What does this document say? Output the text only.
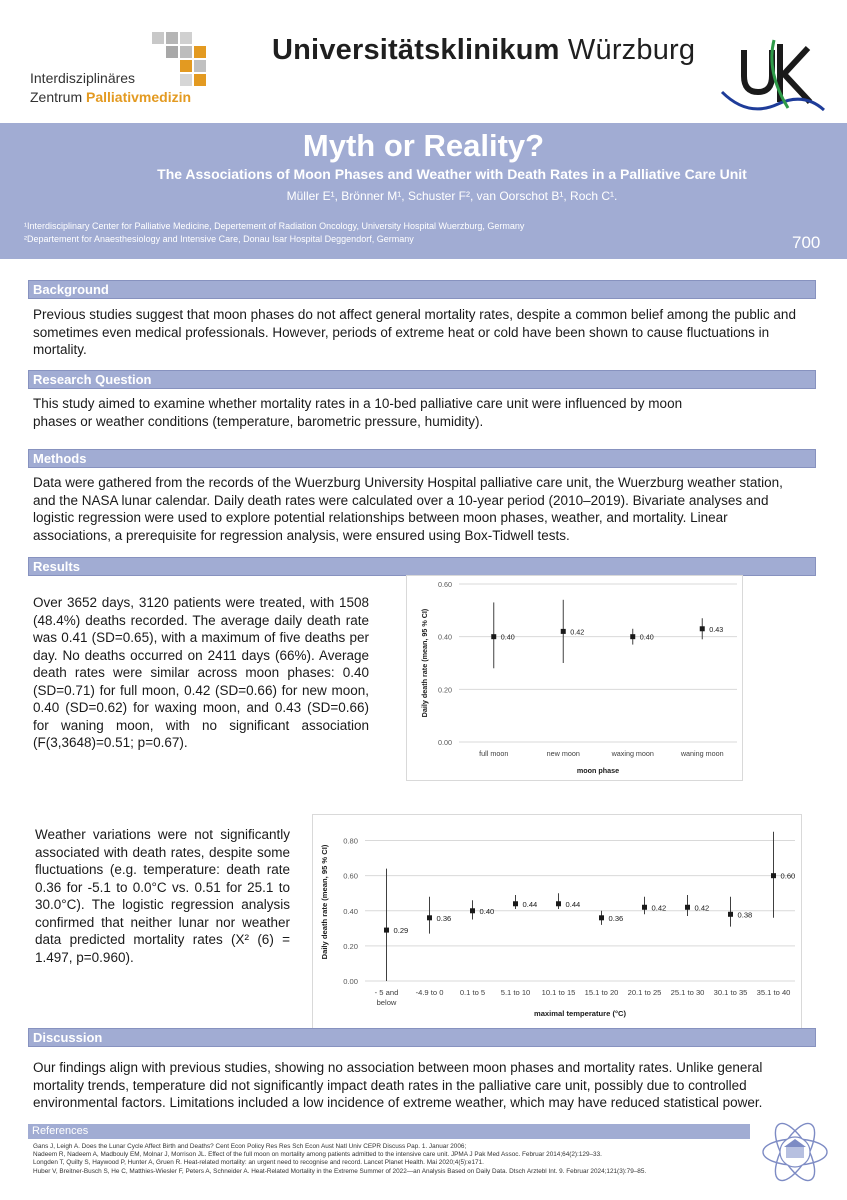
Interdisziplinäres
Zentrum Palliativmedizin
Universitätsklinikum Würzburg
Myth or Reality?
The Associations of Moon Phases and Weather with Death Rates in a Palliative Care Unit
Müller E¹, Brönner M¹, Schuster F², van Oorschot B¹, Roch C¹.
¹Interdisciplinary Center for Palliative Medicine, Depertement of Radiation Oncology, University Hospital Wuerzburg, Germany
²Departement for Anaesthesiology and Intensive Care, Donau Isar Hospital Deggendorf, Germany	700
Background
Previous studies suggest that moon phases do not affect general mortality rates, despite a common belief among the public and sometimes even medical professionals. However, periods of extreme heat or cold have been shown to cause fluctuations in mortality.
Research Question
This study aimed to examine whether mortality rates in a 10-bed palliative care unit were influenced by moon phases or weather conditions (temperature, barometric pressure, humidity).
Methods
Data were gathered from the records of the Wuerzburg University Hospital palliative care unit, the Wuerzburg weather station, and the NASA lunar calendar. Daily death rates were calculated over a 10-year period (2010–2019). Bivariate analyses and logistic regression were used to explore potential relationships between moon phases, weather, and mortality. Linear associations, a prerequisite for regression analysis, were ensured using Box-Tidwell tests.
Results
Over 3652 days, 3120 patients were treated, with 1508 (48.4%) deaths recorded. The average daily death rate was 0.41 (SD=0.65), with a maximum of five deaths per day. No deaths occurred on 2411 days (66%). Average death rates were similar across moon phases: 0.40 (SD=0.71) for full moon, 0.42 (SD=0.66) for new moon, 0.40 (SD=0.62) for waxing moon, and 0.43 (SD=0.66) for waning moon, with no significant association (F(3,3648)=0.51; p=0.67).	0.00
0.20
0.40
0.60
full moon	new moon	waxing moon	waning moon
0.40
0.42
0.40
0.43
moon phase
Daily death rate (mean, 95 % CI)
Weather variations were not significantly associated with death rates, despite some fluctuations (e.g. temperature: death rate 0.36 for -5.1 to 0.0°C vs. 0.51 for 25.1 to 30.0°C). The logistic regression analysis confirmed that neither lunar nor weather data predicted mortality rates (X² (6) = 1.497, p=0.960).
0.00
0.20
0.40
0.60
0.80
- 5 and
below
-4.9 to 0 0.1 to 5 5.1 to 10 10.1 to 15 15.1 to 20 20.1 to 25 25.1 to 30 30.1 to 35 35.1 to 40
0.29
0.36
0.40
0.44	0.44
0.36
0.42	0.42
0.38
0.60
maximal temperature (°C)
Daily death rate (mean, 95 % CI)
Discussion
Our findings align with previous studies, showing no association between moon phases and mortality rates. Unlike general mortality trends, temperature did not significantly impact death rates in the palliative care unit, possibly due to controlled environmental factors. Limitations included a low incidence of extreme weather, which may have reduced statistical power.
References
Gans J, Leigh A. Does the Lunar Cycle Affect Birth and Deaths? Cent Econ Policy Res Res Sch Econ Aust Natl Univ CEPR Discuss Pap. 1. Januar 2006;
Nadeem R, Nadeem A, Madbouly EM, Molnar J, Morrison JL. Effect of the full moon on mortality among patients admitted to the intensive care unit. JPMA J Pak Med Assoc. Februar 2014;64(2):129–33.
Longden T, Quilty S, Haywood P, Hunter A, Gruen R. Heat-related mortality: an urgent need to recognise and record. Lancet Planet Health. Mai 2020;4(5):e171.
Huber V, Breitner-Busch S, He C, Matthies-Wiesler F, Peters A, Schneider A. Heat-Related Mortality in the Extreme Summer of 2022—an Analysis Based on Daily Data. Dtsch Arztebl Int. 9. Februar 2024;121(3):79–85.
